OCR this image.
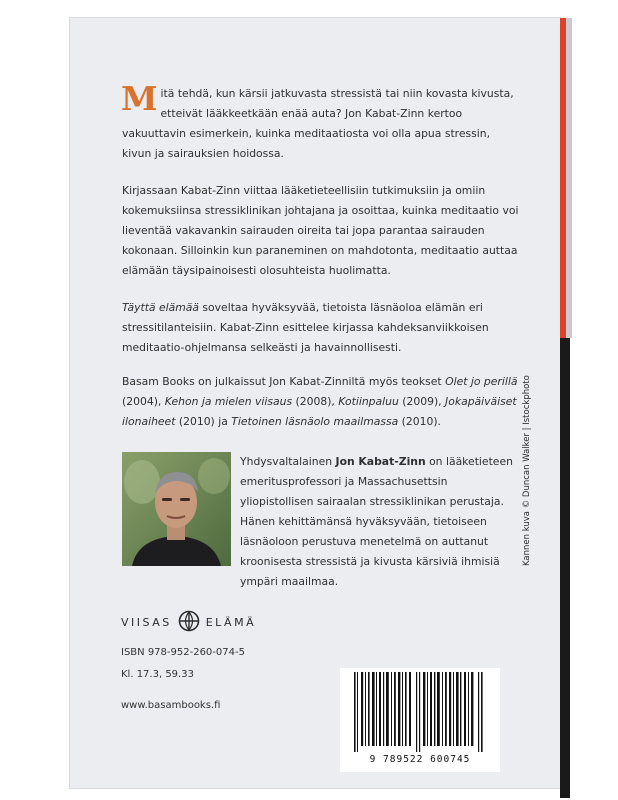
Mitä tehdä, kun kärsii jatkuvasta stressistä tai niin kovasta kivusta, etteivät lääkkeetkään enää auta? Jon Kabat-Zinn kertoo vakuuttavin esimerkein, kuinka meditaatiosta voi olla apua stressin, kivun ja sairauksien hoidossa.

Kirjassaan Kabat-Zinn viittaa lääketieteellisiin tutkimuksiin ja omiin kokemuksiinsa stressiklinikan johtajana ja osoittaa, kuinka meditaatio voi lieventää vakavankin sairauden oireita tai jopa parantaa sairauden kokonaan. Silloinkin kun paraneminen on mahdotonta, meditaatio auttaa elämään täysipainoisesti olosuhteista huolimatta.

Täyttä elämää soveltaa hyväksyvää, tietoista läsnäoloa elämän eri stressitilanteisiin. Kabat-Zinn esittelee kirjassa kahdeksanviikkoisen meditaatio-ohjelmansa selkeästi ja havainnollisesti.

Basam Books on julkaissut Jon Kabat-Zinniltä myös teokset Olet jo perillä (2004), Kehon ja mielen viisaus (2008), Kotiinpaluu (2009), Jokapäiväiset ilonaiheet (2010) ja Tietoinen läsnäolo maailmassa (2010).

Yhdysvaltalainen Jon Kabat-Zinn on lääketieteen emeritusprofessori ja Massachusettsin yliopistollisen sairaalan stressiklinikan perustaja. Hänen kehittämänsä hyväksyvään, tietoiseen läsnäoloon perustuva menetelmä on auttanut kroonisesta stressistä ja kivusta kärsiviä ihmisiä ympäri maailmaa.

Kannen kuva © Duncan Walker | Istockphoto
VIISAS	ELÄMÄ
ISBN 978-952-260-074-5
Kl. 17.3, 59.33
www.basambooks.fi
9 789522 600745
